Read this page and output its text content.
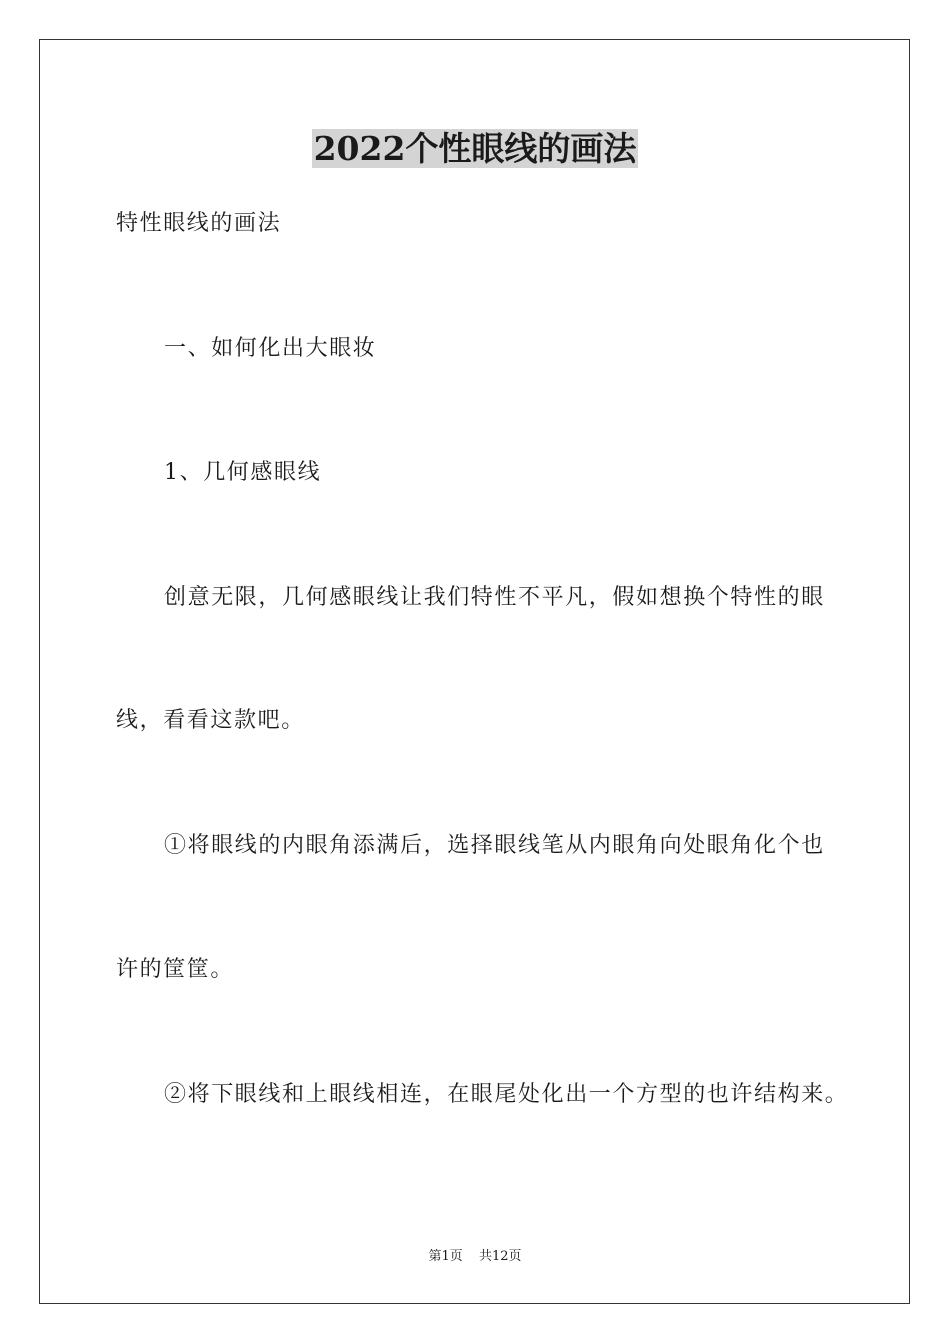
2022个性眼线的画法
特性眼线的画法
一、如何化出大眼妆
1、几何感眼线
创意无限，几何感眼线让我们特性不平凡，假如想换个特性的眼
线，看看这款吧。
①将眼线的内眼角添满后，选择眼线笔从内眼角向处眼角化个也
许的筐筐。
②将下眼线和上眼线相连，在眼尾处化出一个方型的也许结构来。
第1页 共12页
